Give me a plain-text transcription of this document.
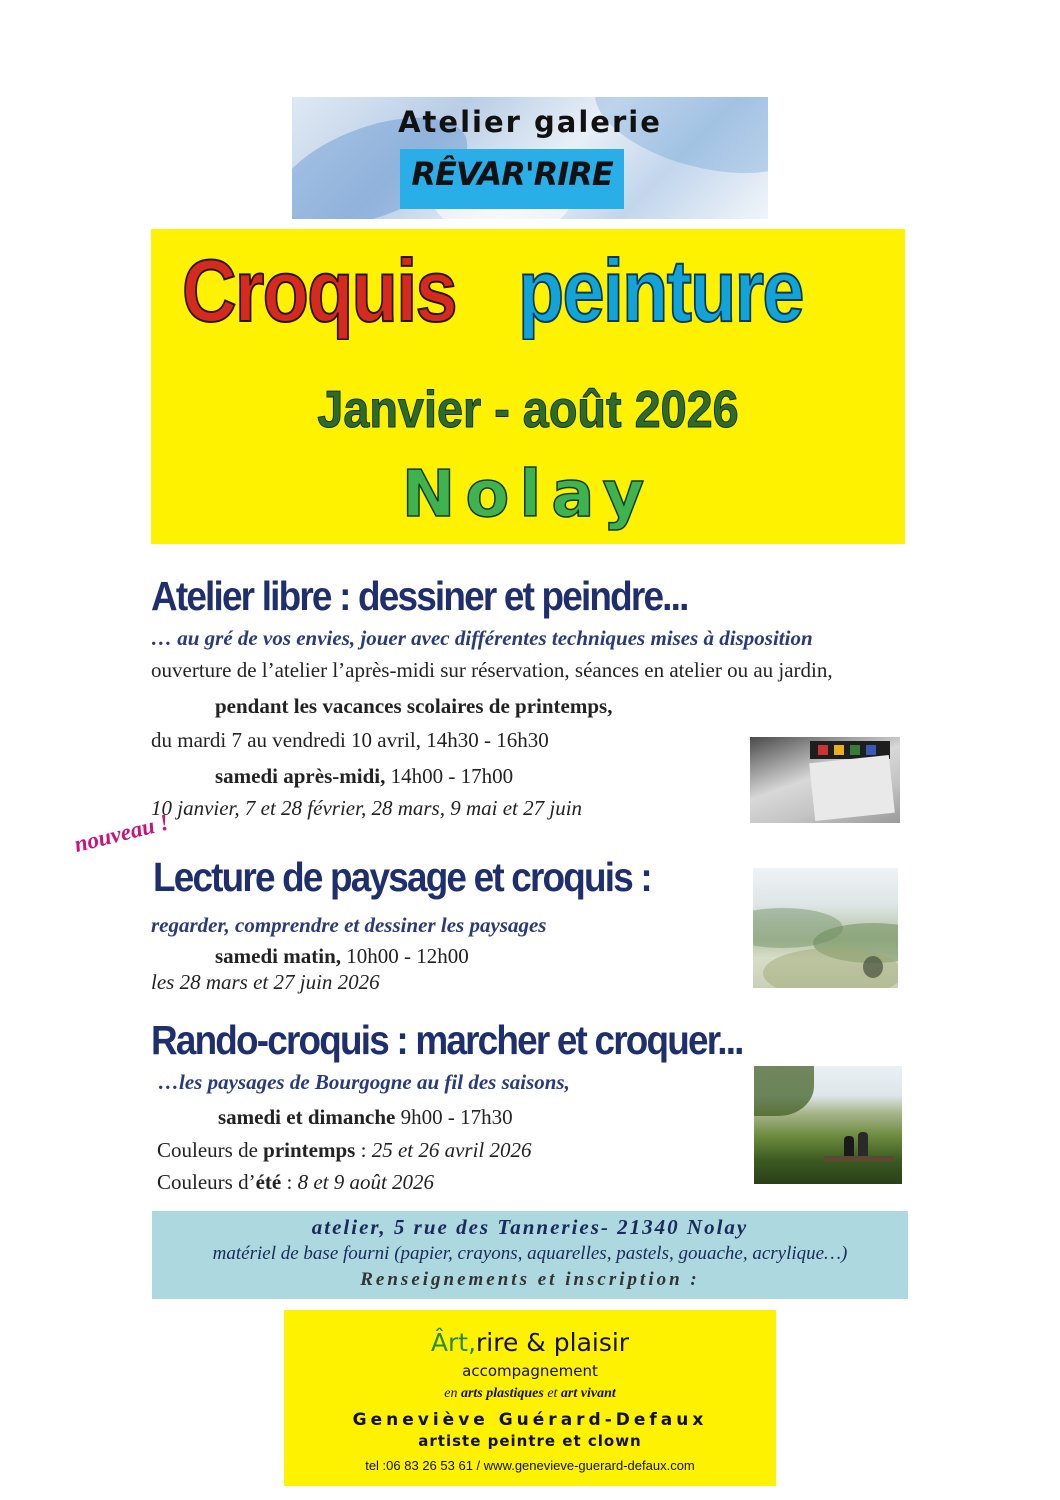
Atelier galerie
RÊVAR'RIRE
Croquis peinture
Janvier - août 2026
Nolay
Atelier libre : dessiner et peindre...
… au gré de vos envies, jouer avec différentes techniques mises à disposition
ouverture de l’atelier l’après-midi sur réservation, séances en atelier ou au jardin,
pendant les vacances scolaires de printemps,
du mardi 7 au vendredi 10 avril, 14h30 - 16h30
samedi après-midi, 14h00 - 17h00
10 janvier, 7 et 28 février, 28 mars, 9 mai et 27 juin
nouveau !
Lecture de paysage et croquis :
regarder, comprendre et dessiner les paysages
samedi matin, 10h00 - 12h00
les 28 mars et 27 juin 2026
Rando-croquis : marcher et croquer...
…les paysages de Bourgogne au fil des saisons,
samedi et dimanche 9h00 - 17h30
Couleurs de printemps : 25 et 26 avril 2026
Couleurs d’été : 8 et 9 août 2026
atelier, 5 rue des Tanneries- 21340 Nolay
matériel de base fourni (papier, crayons, aquarelles, pastels, gouache, acrylique…)
Renseignements et inscription :
Ârt,rire & plaisir
accompagnement
en arts plastiques et art vivant
Geneviève Guérard-Defaux
artiste peintre et clown
tel :06 83 26 53 61 / www.genevieve-guerard-defaux.com
